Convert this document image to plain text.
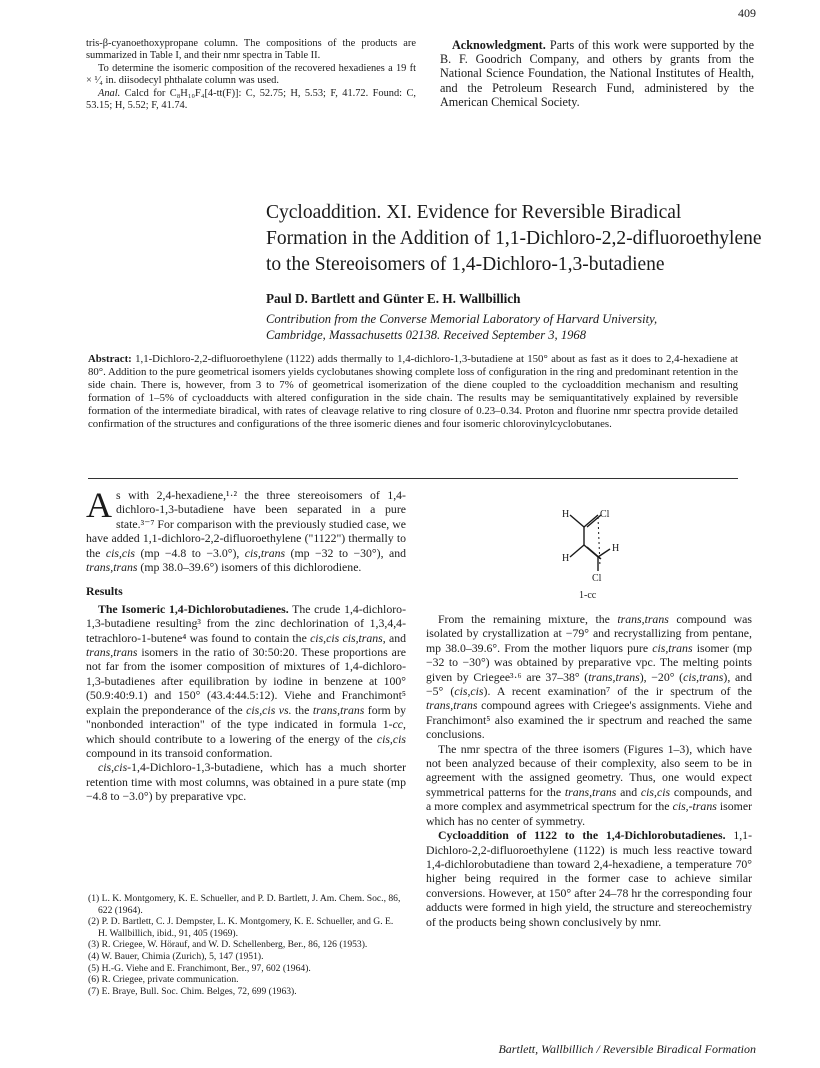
409

tris-β-cyanoethoxypropane column. The compositions of the products are summarized in Table I, and their nmr spectra in Table II.

To determine the isomeric composition of the recovered hexadienes a 19 ft × ¹⁄₄ in. diisodecyl phthalate column was used.

Anal. Calcd for C₈H₁₀F₄[4-tt(F)]: C, 52.75; H, 5.53; F, 41.72. Found: C, 53.15; H, 5.52; F, 41.74.

Acknowledgment. Parts of this work were supported by the B. F. Goodrich Company, and others by grants from the National Science Foundation, the National Institutes of Health, and the Petroleum Research Fund, administered by the American Chemical Society.

Cycloaddition. XI. Evidence for Reversible Biradical
Formation in the Addition of 1,1-Dichloro-2,2-difluoroethylene
to the Stereoisomers of 1,4-Dichloro-1,3-butadiene
Paul D. Bartlett and Günter E. H. Wallbillich
Contribution from the Converse Memorial Laboratory of Harvard University,
Cambridge, Massachusetts 02138. Received September 3, 1968
Abstract: 1,1-Dichloro-2,2-difluoroethylene (1122) adds thermally to 1,4-dichloro-1,3-butadiene at 150° about as fast as it does to 2,4-hexadiene at 80°. Addition to the pure geometrical isomers yields cyclobutanes showing complete loss of configuration in the ring and predominant retention in the side chain. There is, however, from 3 to 7% of geometrical isomerization of the diene coupled to the cycloaddition mechanism and resulting formation of 1–5% of cycloadducts with altered configuration in the side chain. The results may be semiquantitatively explained by reversible formation of the intermediate biradical, with rates of cleavage relative to ring closure of 0.23–0.34. Proton and fluorine nmr spectra provide detailed confirmation of the structures and configurations of the three isomeric dienes and four isomeric chlorovinylcyclobutanes.

As with 2,4-hexadiene,¹·² the three stereoisomers of 1,4-dichloro-1,3-butadiene have been separated in a pure state.³⁻⁷ For comparison with the previously studied case, we have added 1,1-dichloro-2,2-difluoroethylene ("1122") thermally to the cis,cis (mp −4.8 to −3.0°), cis,trans (mp −32 to −30°), and trans,trans (mp 38.0–39.6°) isomers of this dichlorodiene.

Results

The Isomeric 1,4-Dichlorobutadienes. The crude 1,4-dichloro-1,3-butadiene resulting³ from the zinc dechlorination of 1,3,4,4-tetrachloro-1-butene⁴ was found to contain the cis,cis cis,trans, and trans,trans isomers in the ratio of 30:50:20. These proportions are not far from the isomer composition of mixtures of 1,4-dichloro-1,3-butadienes after equilibration by iodine in benzene at 100° (50.9:40:9.1) and 150° (43.4:44.5:12). Viehe and Franchimont⁵ explain the preponderance of the cis,cis vs. the trans,trans form by "nonbonded interaction" of the type indicated in formula 1-cc, which should contribute to a lowering of the energy of the cis,cis compound in its transoid conformation.

cis,cis-1,4-Dichloro-1,3-butadiene, which has a much shorter retention time with most columns, was obtained in a pure state (mp −4.8 to −3.0°) by preparative vpc.

(1) L. K. Montgomery, K. E. Schueller, and P. D. Bartlett, J. Am. Chem. Soc., 86, 622 (1964).
(2) P. D. Bartlett, C. J. Dempster, L. K. Montgomery, K. E. Schueller, and G. E. H. Wallbillich, ibid., 91, 405 (1969).
(3) R. Criegee, W. Hörauf, and W. D. Schellenberg, Ber., 86, 126 (1953).
(4) W. Bauer, Chimia (Zurich), 5, 147 (1951).
(5) H.-G. Viehe and E. Franchimont, Ber., 97, 602 (1964).
(6) R. Criegee, private communication.
(7) E. Braye, Bull. Soc. Chim. Belges, 72, 699 (1963).
H	Cl
H
H
Cl
1-cc

From the remaining mixture, the trans,trans compound was isolated by crystallization at −79° and recrystallizing from pentane, mp 38.0–39.6°. From the mother liquors pure cis,trans isomer (mp −32 to −30°) was obtained by preparative vpc. The melting points given by Criegee³·⁶ are 37–38° (trans,trans), −20° (cis,trans), and −5° (cis,cis). A recent examination⁷ of the ir spectrum of the trans,trans compound agrees with Criegee's assignments. Viehe and Franchimont⁵ also examined the ir spectrum and reached the same conclusions.

The nmr spectra of the three isomers (Figures 1–3), which have not been analyzed because of their complexity, also seem to be in agreement with the assigned geometry. Thus, one would expect symmetrical patterns for the trans,trans and cis,cis compounds, and a more complex and asymmetrical spectrum for the cis,-trans isomer which has no center of symmetry.

Cycloaddition of 1122 to the 1,4-Dichlorobutadienes. 1,1-Dichloro-2,2-difluoroethylene (1122) is much less reactive toward 1,4-dichlorobutadiene than toward 2,4-hexadiene, a temperature 70° higher being required in the former case to achieve similar conversions. However, at 150° after 24–78 hr the corresponding four adducts were formed in high yield, the structure and stereochemistry of the products being shown conclusively by nmr.

Bartlett, Wallbillich / Reversible Biradical Formation
